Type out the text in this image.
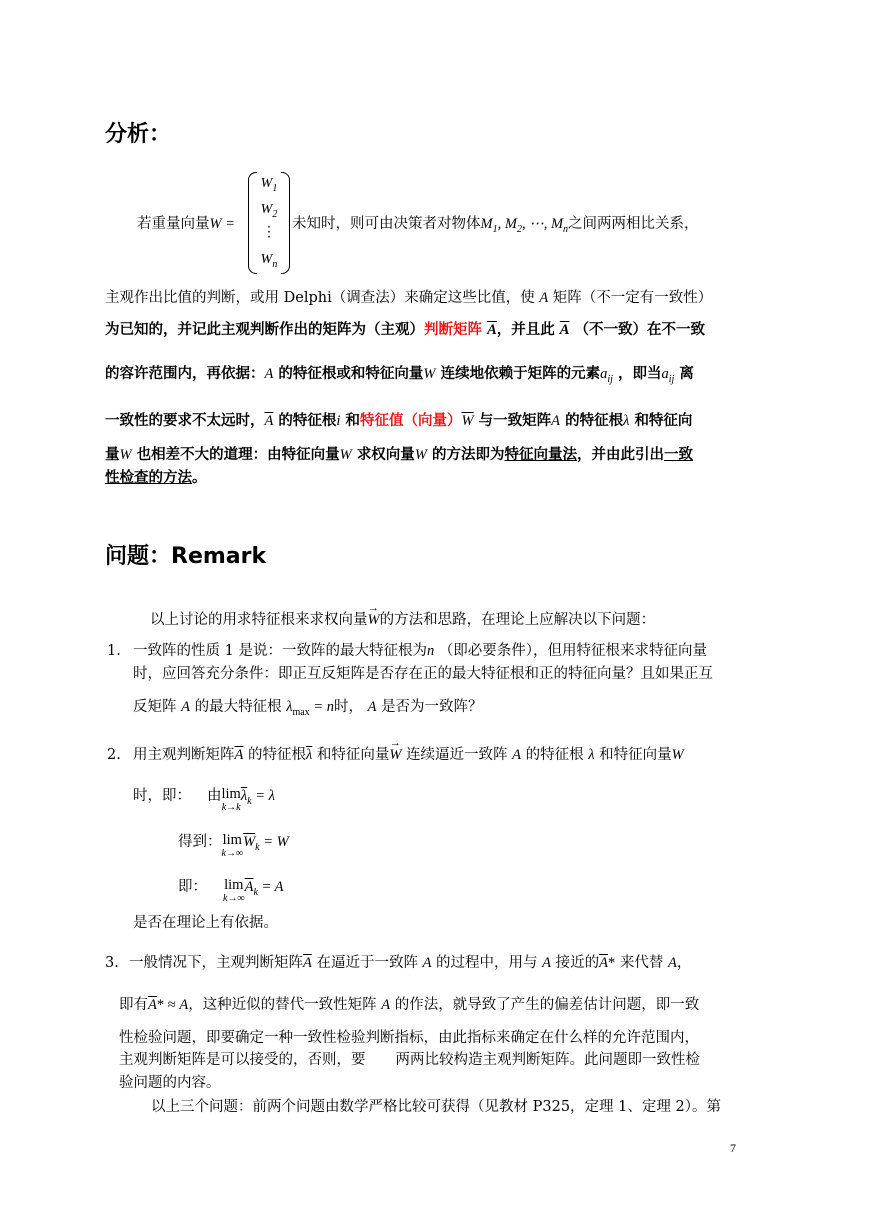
分析：
若重量向量W =
$W_1$
$W_2$
⋮
$W_n$
未知时，则可由决策者对物体$M_1$, $M_2$, ⋯, $M_n$之间两两相比关系，
主观作出比值的判断，或用 Delphi（调查法）来确定这些比值，使 A 矩阵（不一定有一致性）
为已知的，并记此主观判断作出的矩阵为（主观）判断矩阵 $\overline{A}$，并且此 $\overline{A}$ （不一致）在不一致
的容许范围内，再依据：A 的特征根或和特征向量W 连续地依赖于矩阵的元素$a_{ij}$ ，即当$a_{ij}$ 离
一致性的要求不太远时，$\overline{A}$ 的特征根i 和特征值（向量）$\overline{W}$ 与一致矩阵A 的特征根λ 和特征向
量W 也相差不大的道理：由特征向量W 求权向量W 的方法即为特征向量法，并由此引出一致
性检查的方法。
问题：Remark
以上讨论的用求特征根来求权向量→ W的方法和思路，在理论上应解决以下问题：
1. 一致阵的性质 1 是说：一致阵的最大特征根为n （即必要条件），但用特征根来求特征向量
时，应回答充分条件：即正互反矩阵是否存在正的最大特征根和正的特征向量？且如果正互
反矩阵 A 的最大特征根 $\lambda_{max} = n$时， A 是否为一致阵？
2. 用主观判断矩阵$\overline{A}$ 的特征根$\overline{\lambda}$ 和特征向量→ W 连续逼近一致阵 A 的特征根 λ 和特征向量W
时，即： 由lim
k→k
$\overline{\lambda}_k = \lambda$
得到：lim
k→∞
$\overline{W}_k = W$
即： lim
k→∞
$\overline{A}_k = A$
是否在理论上有依据。
3. 一般情况下，主观判断矩阵$\overline{A}$ 在逼近于一致阵 A 的过程中，用与 A 接近的$\overline{A}*$ 来代替 A，
即有$\overline{A}* \approx A$，这种近似的替代一致性矩阵 A 的作法，就导致了产生的偏差估计问题，即一致
性检验问题，即要确定一种一致性检验判断指标，由此指标来确定在什么样的允许范围内，
主观判断矩阵是可以接受的，否则，要 两两比较构造主观判断矩阵。此问题即一致性检
验问题的内容。
以上三个问题：前两个问题由数学严格比较可获得（见教材 P325，定理 1、定理 2）。第
7
